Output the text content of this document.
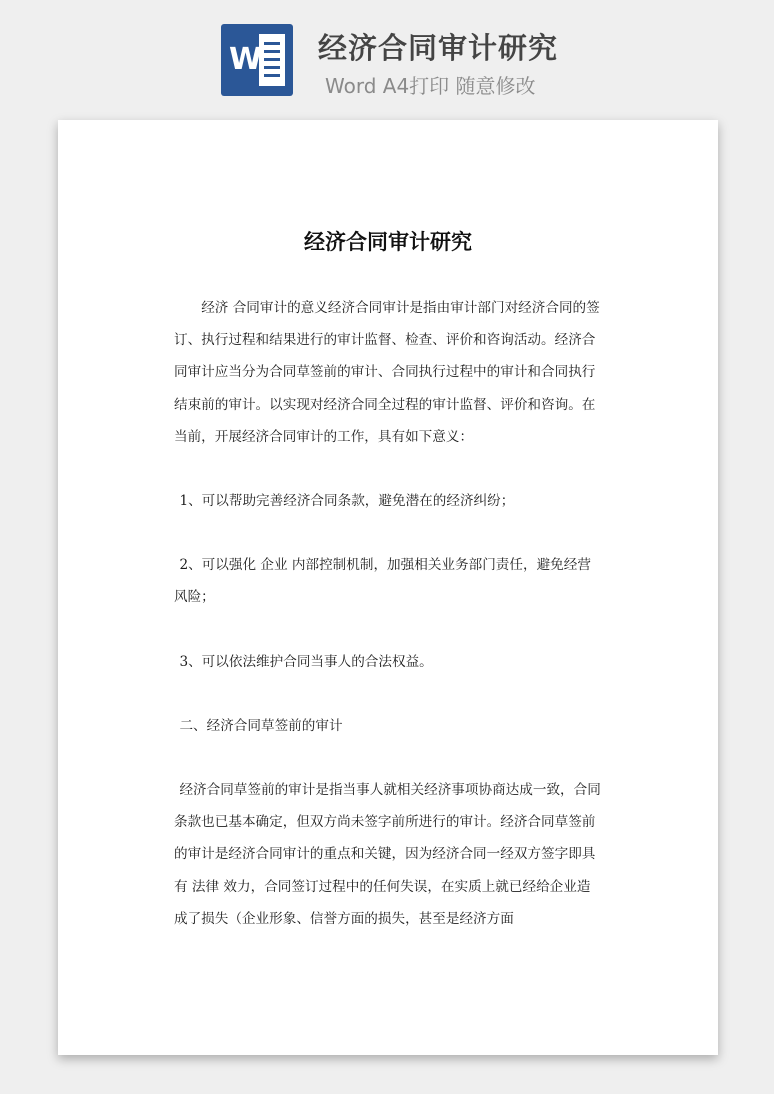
W 经济合同审计研究
Word A4打印 随意修改
经济合同审计研究

经济 合同审计的意义经济合同审计是指由审计部门对经济合同的签订、执行过程和结果进行的审计监督、检查、评价和咨询活动。经济合同审计应当分为合同草签前的审计、合同执行过程中的审计和合同执行结束前的审计。以实现对经济合同全过程的审计监督、评价和咨询。在当前，开展经济合同审计的工作，具有如下意义：

1、可以帮助完善经济合同条款，避免潜在的经济纠纷；

2、可以强化 企业 内部控制机制，加强相关业务部门责任，避免经营风险；

3、可以依法维护合同当事人的合法权益。

二、经济合同草签前的审计

经济合同草签前的审计是指当事人就相关经济事项协商达成一致，合同条款也已基本确定，但双方尚未签字前所进行的审计。经济合同草签前的审计是经济合同审计的重点和关键，因为经济合同一经双方签字即具有 法律 效力，合同签订过程中的任何失误，在实质上就已经给企业造成了损失（企业形象、信誉方面的损失，甚至是经济方面
